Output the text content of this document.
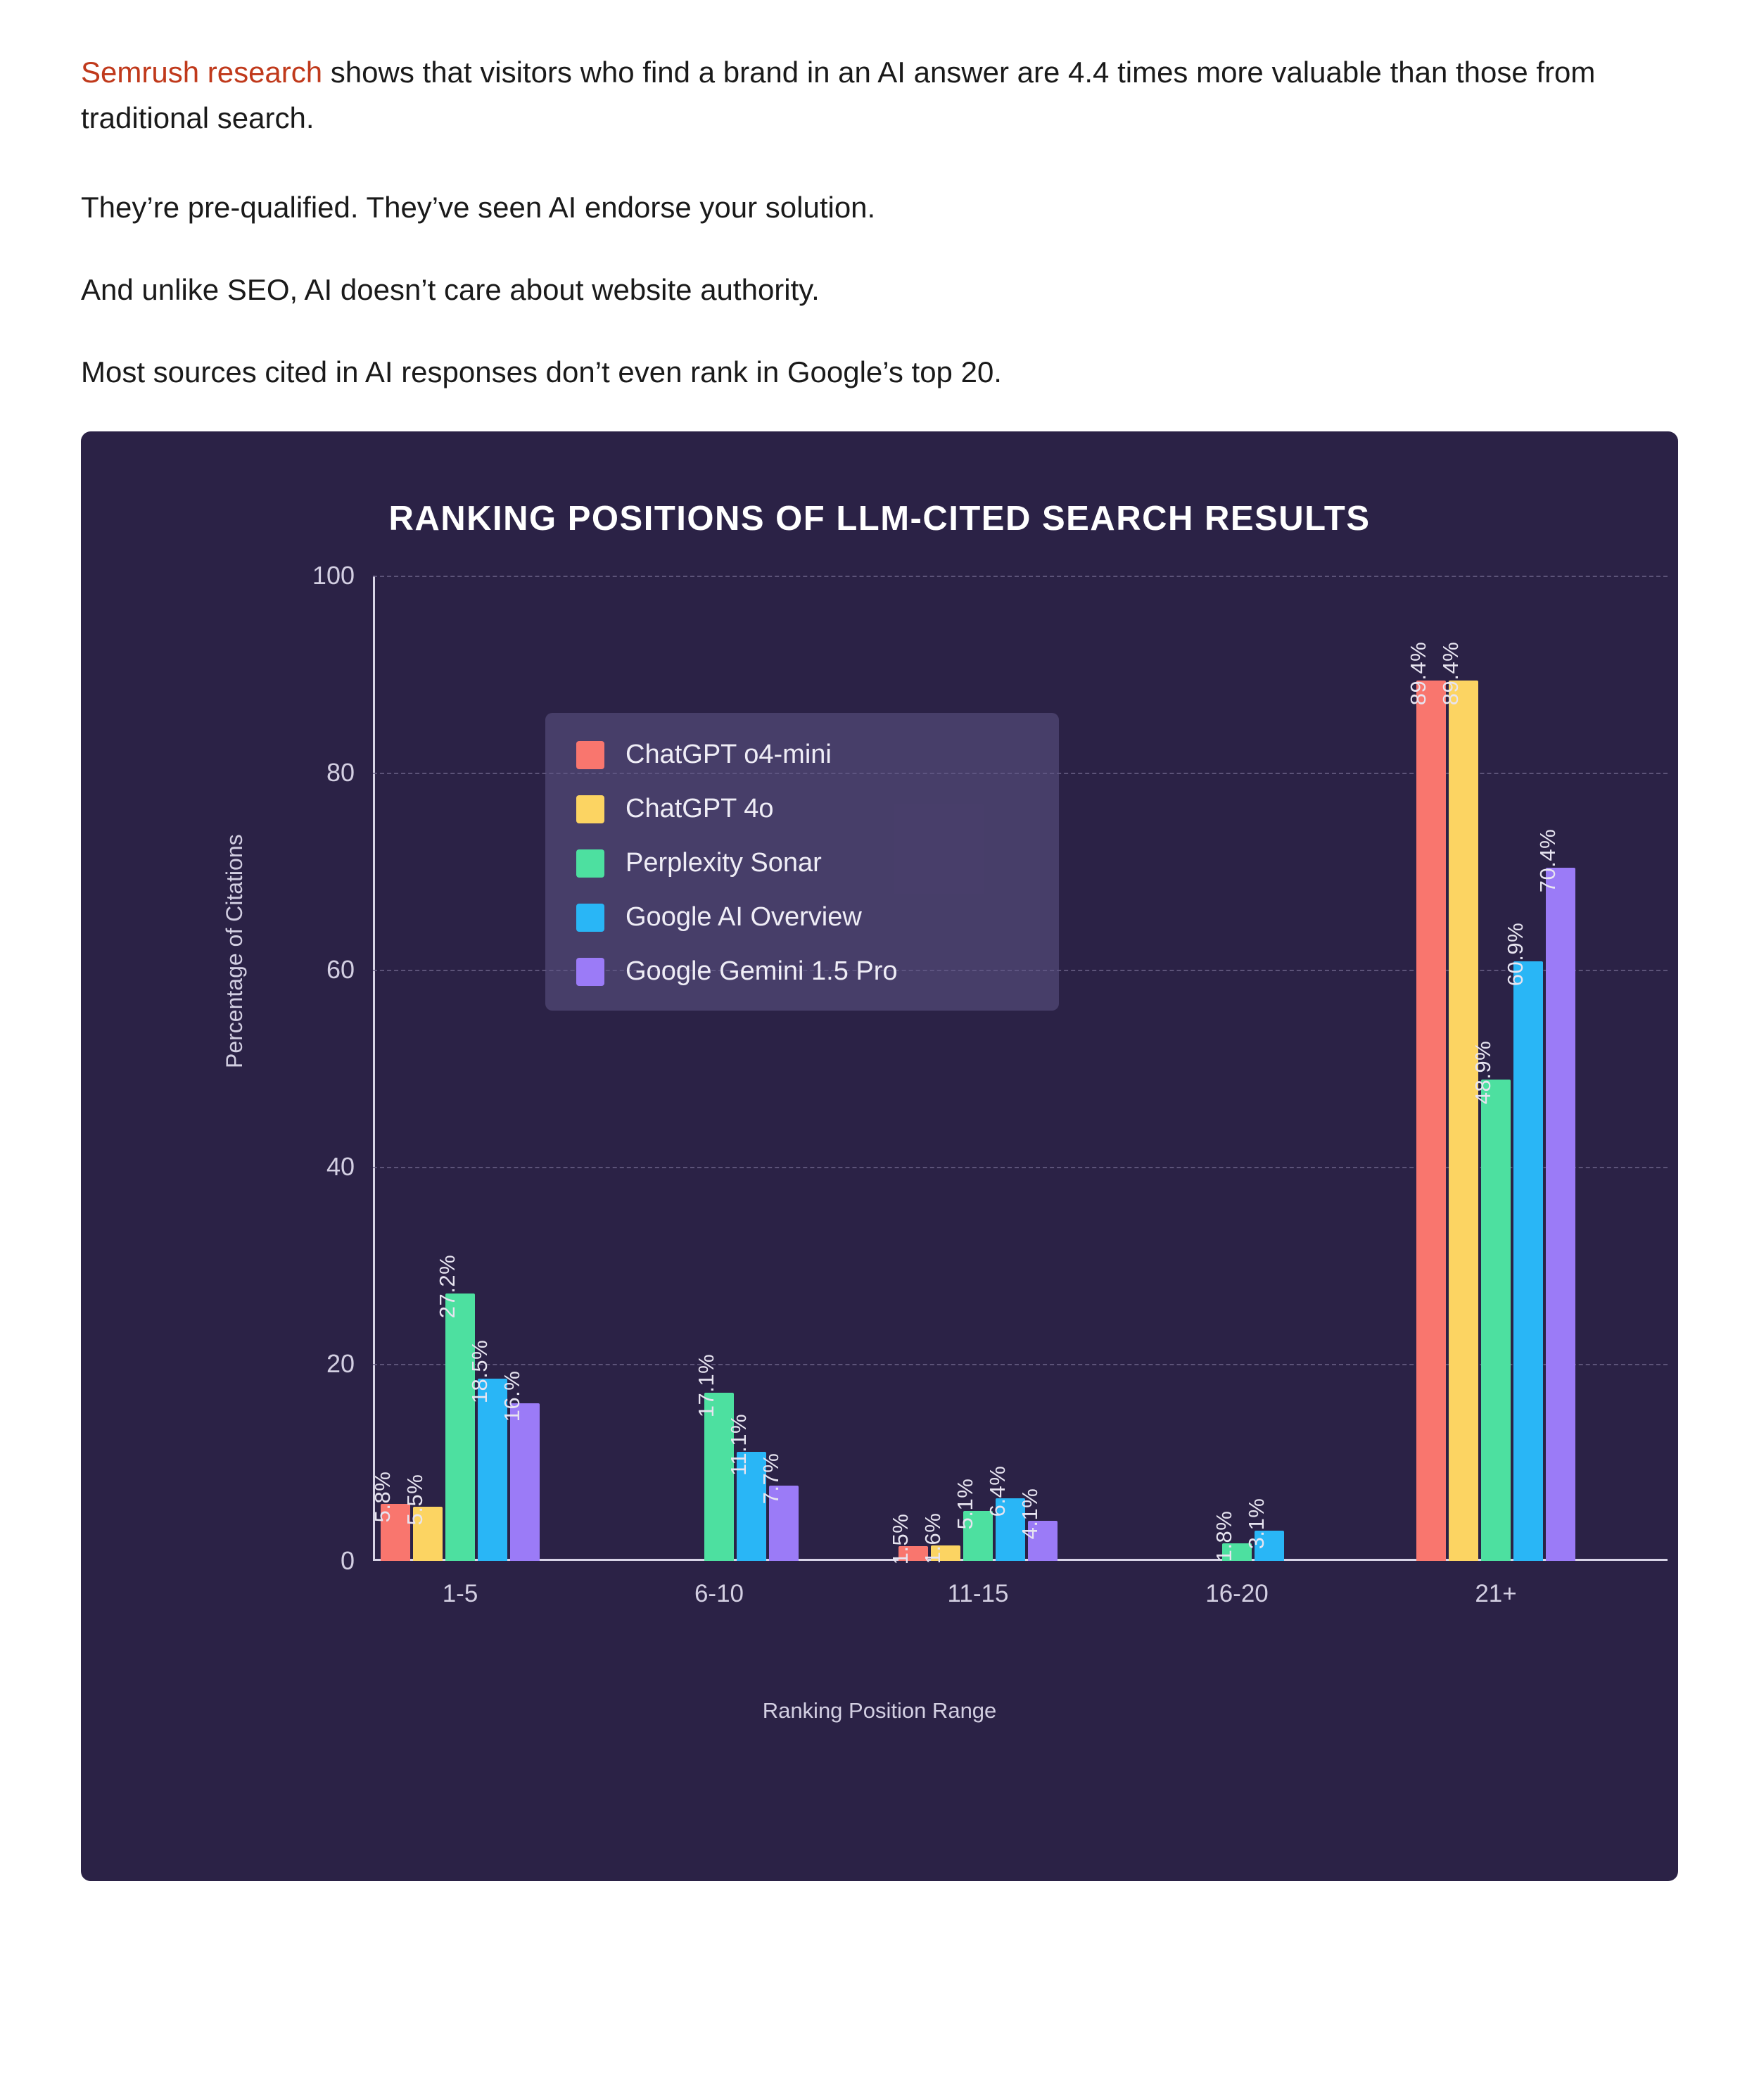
Semrush research shows that visitors who find a brand in an AI answer are 4.4 times more valuable than those from traditional search.

They’re pre-qualified. They’ve seen AI endorse your solution.

And unlike SEO, AI doesn’t care about website authority.

Most sources cited in AI responses don’t even rank in Google’s top 20.

RANKING POSITIONS OF LLM-CITED SEARCH RESULTS
Percentage of Citations
Ranking Position Range
0
20
40
60
80
100
5.8% 5.5%
27.2%
18.5% 16.%	17.1%
11.1%
7.7%
1.5% 1.6%
5.1% 6.4% 4.1%	1.8% 3.1%
89.4% 89.4%
48.9%
60.9%
70.4%
ChatGPT o4-mini
ChatGPT 4o
Perplexity Sonar
Google AI Overview
Google Gemini 1.5 Pro
1-5	6-10	11-15	16-20	21+
